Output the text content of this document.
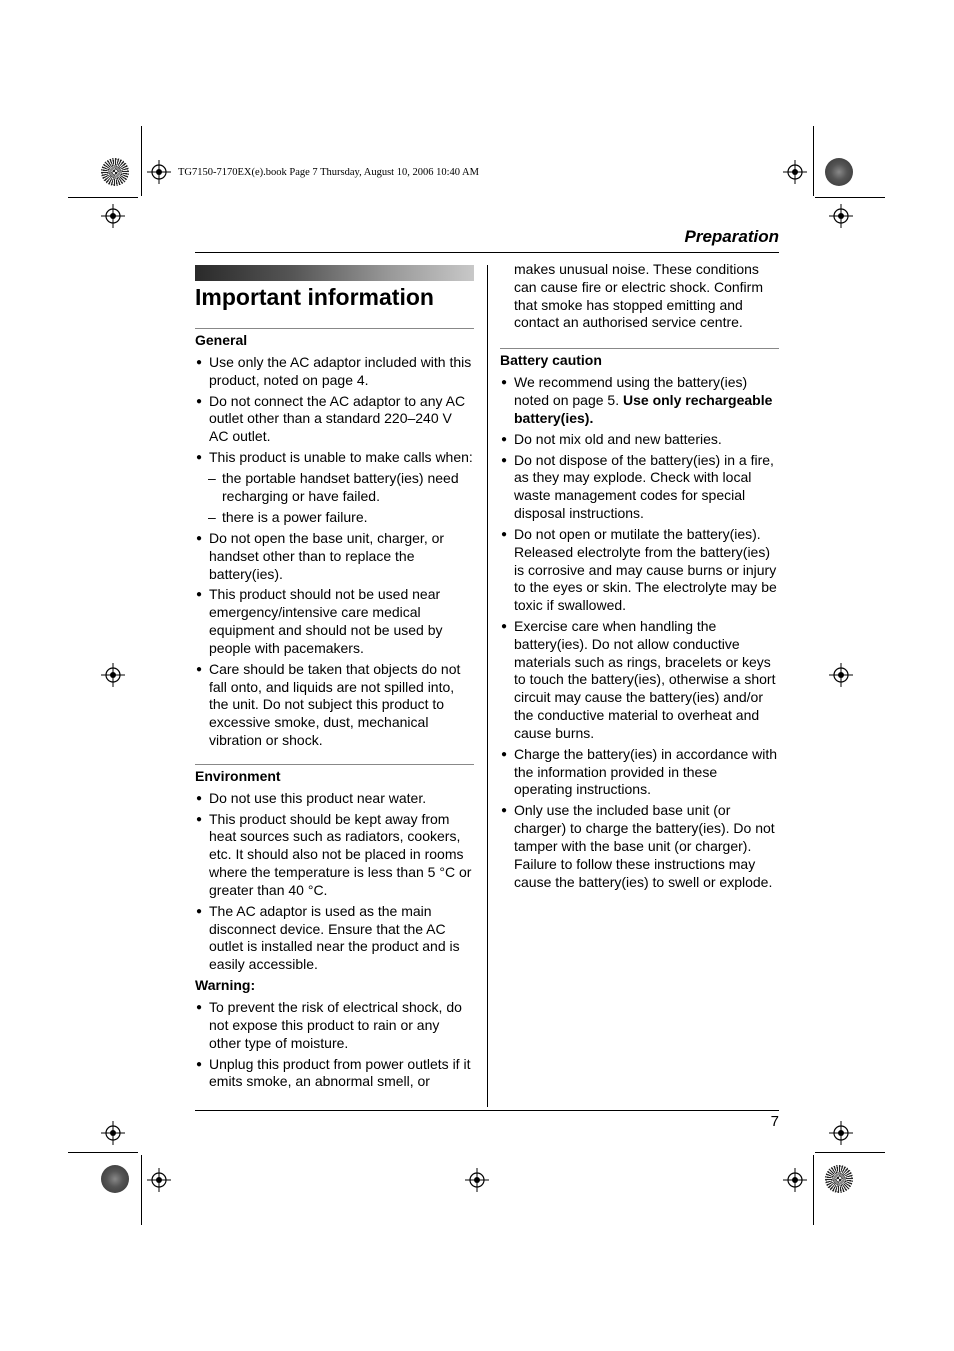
TG7150-7170EX(e).book Page 7 Thursday, August 10, 2006 10:40 AM
Preparation
Important information
General
● Use only the AC adaptor included with this product, noted on page 4.
● Do not connect the AC adaptor to any AC outlet other than a standard 220–240 V AC outlet.
● This product is unable to make calls when:
– the portable handset battery(ies) need recharging or have failed.
– there is a power failure.
● Do not open the base unit, charger, or handset other than to replace the battery(ies).
● This product should not be used near emergency/intensive care medical equipment and should not be used by people with pacemakers.
● Care should be taken that objects do not fall onto, and liquids are not spilled into, the unit. Do not subject this product to excessive smoke, dust, mechanical vibration or shock.
Environment
● Do not use this product near water.
● This product should be kept away from heat sources such as radiators, cookers, etc. It should also not be placed in rooms where the temperature is less than 5 °C or greater than 40 °C.
● The AC adaptor is used as the main disconnect device. Ensure that the AC outlet is installed near the product and is easily accessible.
Warning:
● To prevent the risk of electrical shock, do not expose this product to rain or any other type of moisture.
● Unplug this product from power outlets if it emits smoke, an abnormal smell, or
makes unusual noise. These conditions can cause fire or electric shock. Confirm that smoke has stopped emitting and contact an authorised service centre.
Battery caution
● We recommend using the battery(ies) noted on page 5. Use only rechargeable battery(ies).
● Do not mix old and new batteries.
● Do not dispose of the battery(ies) in a fire, as they may explode. Check with local waste management codes for special disposal instructions.
● Do not open or mutilate the battery(ies). Released electrolyte from the battery(ies) is corrosive and may cause burns or injury to the eyes or skin. The electrolyte may be toxic if swallowed.
● Exercise care when handling the battery(ies). Do not allow conductive materials such as rings, bracelets or keys to touch the battery(ies), otherwise a short circuit may cause the battery(ies) and/or the conductive material to overheat and cause burns.
● Charge the battery(ies) in accordance with the information provided in these operating instructions.
● Only use the included base unit (or charger) to charge the battery(ies). Do not tamper with the base unit (or charger). Failure to follow these instructions may cause the battery(ies) to swell or explode.
7
